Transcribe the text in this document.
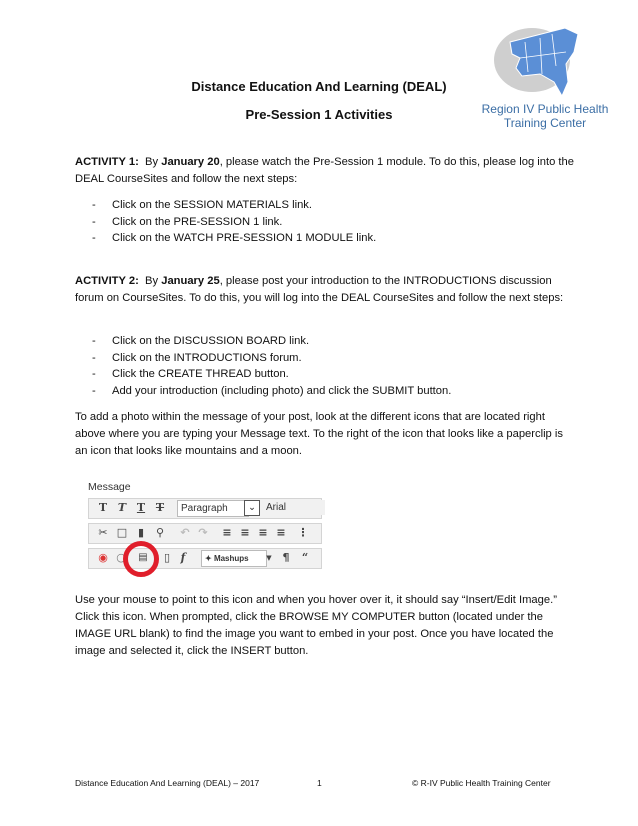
Region IV Public Health
Training Center
Distance Education And Learning (DEAL)
Pre-Session 1 Activities
ACTIVITY 1: By January 20, please watch the Pre-Session 1 module. To do this, please log into the DEAL CourseSites and follow the next steps:
- Click on the SESSION MATERIALS link.
- Click on the PRE-SESSION 1 link.
- Click on the WATCH PRE-SESSION 1 MODULE link.
ACTIVITY 2: By January 25, please post your introduction to the INTRODUCTIONS discussion forum on CourseSites. To do this, you will log into the DEAL CourseSites and follow the next steps:
- Click on the DISCUSSION BOARD link.
- Click on the INTRODUCTIONS forum.
- Click the CREATE THREAD button.
- Add your introduction (including photo) and click the SUBMIT button.
To add a photo within the message of your post, look at the different icons that are located right above where you are typing your Message text. To the right of the icon that looks like a paperclip is an icon that looks like mountains and a moon.
Message
T T T T	Paragraph	⌄	Arial
✂ □ ▮	⚲	↶ ↷	≡ ≡ ≡ ≡	⋮
◉ ○	▤	▯ f	✦ Mashups	▼ ¶	“
Use your mouse to point to this icon and when you hover over it, it should say “Insert/Edit Image.” Click this icon. When prompted, click the BROWSE MY COMPUTER button (located under the IMAGE URL blank) to find the image you want to embed in your post. Once you have located the image and selected it, click the INSERT button.
Distance Education And Learning (DEAL) – 2017	1	© R-IV Public Health Training Center
